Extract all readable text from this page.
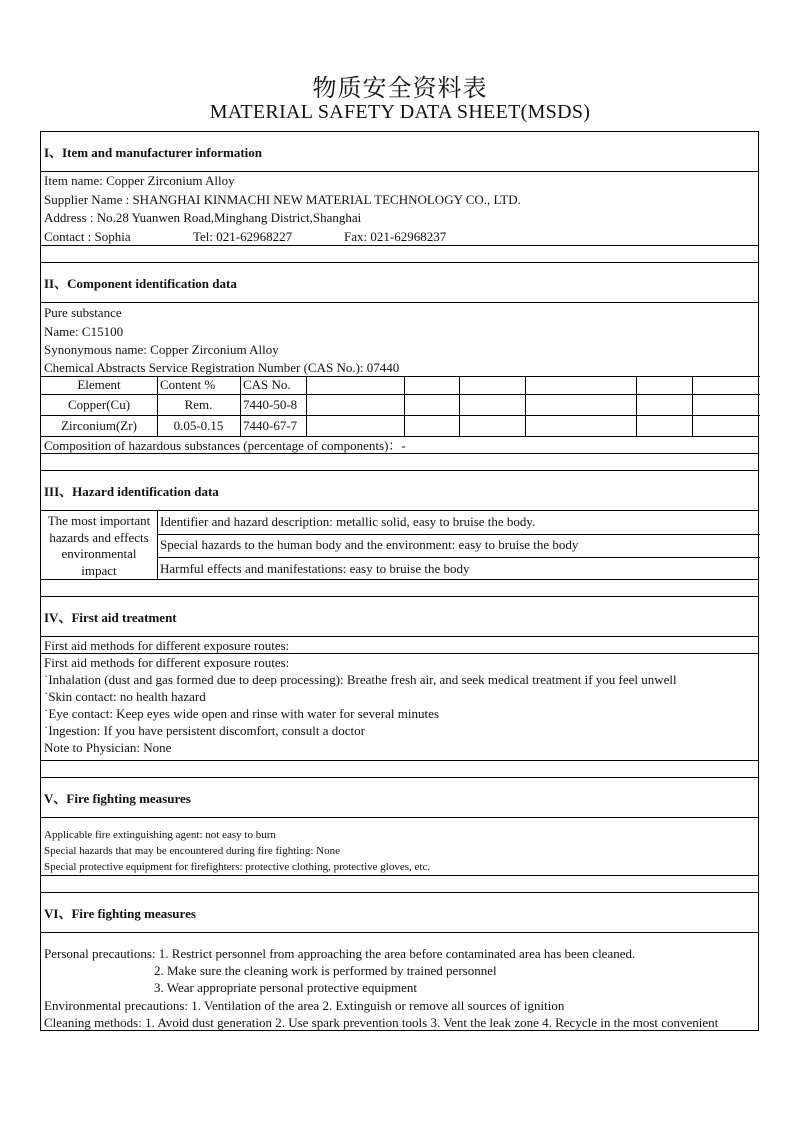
物质安全资料表
MATERIAL SAFETY DATA SHEET(MSDS)
I、Item and manufacturer information
Item name: Copper Zirconium Alloy
Supplier Name : SHANGHAI KINMACHI NEW MATERIAL TECHNOLOGY CO., LTD.
Address : No.28 Yuanwen Road,Minghang District,Shanghai
Contact : Sophia	Tel: 021-62968227	Fax: 021-62968237
II、Component identification data
Pure substance
Name: C15100
Synonymous name: Copper Zirconium Alloy
Chemical Abstracts Service Registration Number (CAS No.): 07440
Element	Content % CAS No.
Copper(Cu)	Rem.	7440-50-8
Zirconium(Zr)	0.05-0.15	7440-67-7
Composition of hazardous substances (percentage of components)：-
III、Hazard identification data
The most important
hazards and effects
environmental
impact
Identifier and hazard description: metallic solid, easy to bruise the body.
Special hazards to the human body and the environment: easy to bruise the body
Harmful effects and manifestations: easy to bruise the body
IV、First aid treatment
First aid methods for different exposure routes:
First aid methods for different exposure routes:
˙Inhalation (dust and gas formed due to deep processing): Breathe fresh air, and seek medical treatment if you feel unwell
˙Skin contact: no health hazard
˙Eye contact: Keep eyes wide open and rinse with water for several minutes
˙Ingestion: If you have persistent discomfort, consult a doctor
Note to Physician: None
V、Fire fighting measures
Applicable fire extinguishing agent: not easy to burn
Special hazards that may be encountered during fire fighting: None
Special protective equipment for firefighters: protective clothing, protective gloves, etc.
VI、Fire fighting measures
Personal precautions: 1. Restrict personnel from approaching the area before contaminated area has been cleaned.
2. Make sure the cleaning work is performed by trained personnel
3. Wear appropriate personal protective equipment
Environmental precautions: 1. Ventilation of the area 2. Extinguish or remove all sources of ignition
Cleaning methods: 1. Avoid dust generation 2. Use spark prevention tools 3. Vent the leak zone 4. Recycle in the most convenient
